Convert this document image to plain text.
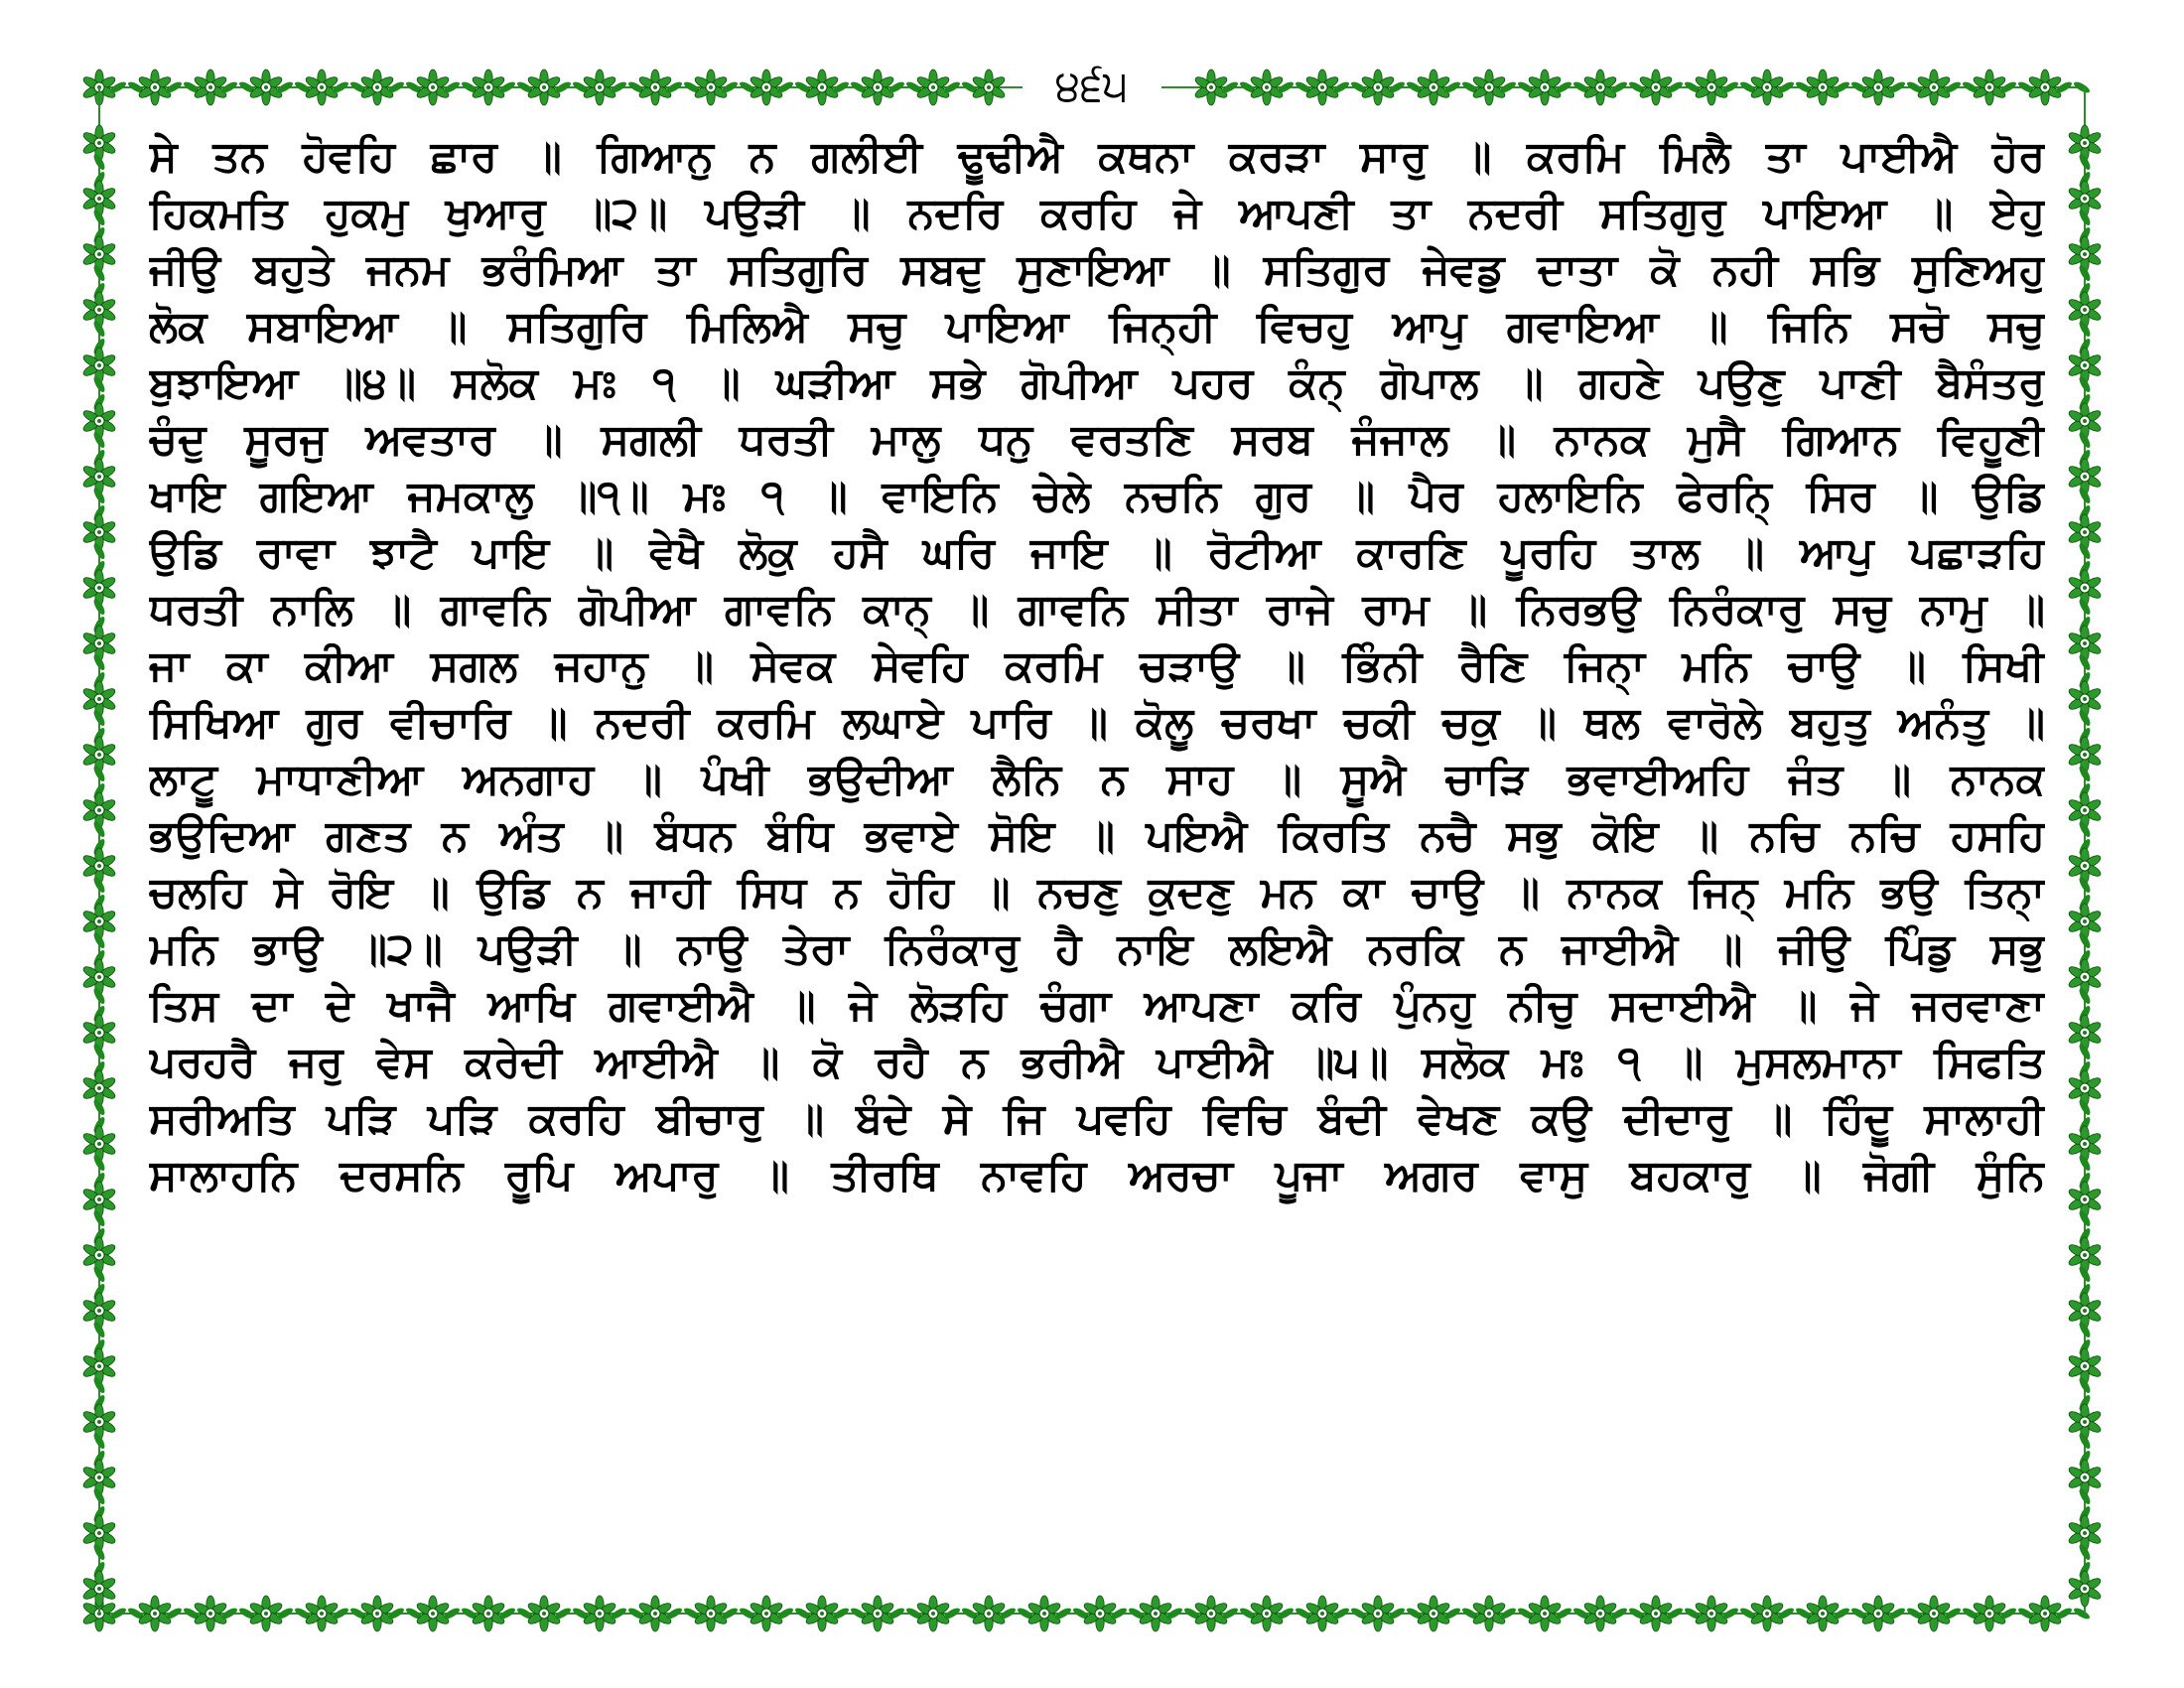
੪੬੫
ਸੇ ਤਨ ਹੋਵਹਿ ਛਾਰ ॥ ਗਿਆਨੁ ਨ ਗਲੀਈ ਢੂਢੀਐ ਕਥਨਾ ਕਰੜਾ ਸਾਰੁ ॥ ਕਰਮਿ ਮਿਲੈ ਤਾ ਪਾਈਐ ਹੋਰ
ਹਿਕਮਤਿ ਹੁਕਮੁ ਖੁਆਰੁ ॥੨॥ ਪਉੜੀ ॥ ਨਦਰਿ ਕਰਹਿ ਜੇ ਆਪਣੀ ਤਾ ਨਦਰੀ ਸਤਿਗੁਰੁ ਪਾਇਆ ॥ ਏਹੁ
ਜੀਉ ਬਹੁਤੇ ਜਨਮ ਭਰੰਮਿਆ ਤਾ ਸਤਿਗੁਰਿ ਸਬਦੁ ਸੁਣਾਇਆ ॥ ਸਤਿਗੁਰ ਜੇਵਡੁ ਦਾਤਾ ਕੋ ਨਹੀ ਸਭਿ ਸੁਣਿਅਹੁ
ਲੋਕ ਸਬਾਇਆ ॥ ਸਤਿਗੁਰਿ ਮਿਲਿਐ ਸਚੁ ਪਾਇਆ ਜਿਨ੍ਹੀ ਵਿਚਹੁ ਆਪੁ ਗਵਾਇਆ ॥ ਜਿਨਿ ਸਚੋ ਸਚੁ
ਬੁਝਾਇਆ ॥੪॥ ਸਲੋਕ ਮਃ ੧ ॥ ਘੜੀਆ ਸਭੇ ਗੋਪੀਆ ਪਹਰ ਕੰਨ੍ ਗੋਪਾਲ ॥ ਗਹਣੇ ਪਉਣੁ ਪਾਣੀ ਬੈਸੰਤਰੁ
ਚੰਦੁ ਸੂਰਜੁ ਅਵਤਾਰ ॥ ਸਗਲੀ ਧਰਤੀ ਮਾਲੁ ਧਨੁ ਵਰਤਣਿ ਸਰਬ ਜੰਜਾਲ ॥ ਨਾਨਕ ਮੁਸੈ ਗਿਆਨ ਵਿਹੂਣੀ
ਖਾਇ ਗਇਆ ਜਮਕਾਲੁ ॥੧॥ ਮਃ ੧ ॥ ਵਾਇਨਿ ਚੇਲੇ ਨਚਨਿ ਗੁਰ ॥ ਪੈਰ ਹਲਾਇਨਿ ਫੇਰਨਿ੍ ਸਿਰ ॥ ਉਡਿ
ਉਡਿ ਰਾਵਾ ਝਾਟੈ ਪਾਇ ॥ ਵੇਖੈ ਲੋਕੁ ਹਸੈ ਘਰਿ ਜਾਇ ॥ ਰੋਟੀਆ ਕਾਰਣਿ ਪੂਰਹਿ ਤਾਲ ॥ ਆਪੁ ਪਛਾੜਹਿ
ਧਰਤੀ ਨਾਲਿ ॥ ਗਾਵਨਿ ਗੋਪੀਆ ਗਾਵਨਿ ਕਾਨ੍ ॥ ਗਾਵਨਿ ਸੀਤਾ ਰਾਜੇ ਰਾਮ ॥ ਨਿਰਭਉ ਨਿਰੰਕਾਰੁ ਸਚੁ ਨਾਮੁ ॥
ਜਾ ਕਾ ਕੀਆ ਸਗਲ ਜਹਾਨੁ ॥ ਸੇਵਕ ਸੇਵਹਿ ਕਰਮਿ ਚੜਾਉ ॥ ਭਿੰਨੀ ਰੈਣਿ ਜਿਨਾ੍ ਮਨਿ ਚਾਉ ॥ ਸਿਖੀ
ਸਿਖਿਆ ਗੁਰ ਵੀਚਾਰਿ ॥ ਨਦਰੀ ਕਰਮਿ ਲਘਾਏ ਪਾਰਿ ॥ ਕੋਲੂ ਚਰਖਾ ਚਕੀ ਚਕੁ ॥ ਥਲ ਵਾਰੋਲੇ ਬਹੁਤੁ ਅਨੰਤੁ ॥
ਲਾਟੂ ਮਾਧਾਣੀਆ ਅਨਗਾਹ ॥ ਪੰਖੀ ਭਉਦੀਆ ਲੈਨਿ ਨ ਸਾਹ ॥ ਸੂਐ ਚਾੜਿ ਭਵਾਈਅਹਿ ਜੰਤ ॥ ਨਾਨਕ
ਭਉਦਿਆ ਗਣਤ ਨ ਅੰਤ ॥ ਬੰਧਨ ਬੰਧਿ ਭਵਾਏ ਸੋਇ ॥ ਪਇਐ ਕਿਰਤਿ ਨਚੈ ਸਭੁ ਕੋਇ ॥ ਨਚਿ ਨਚਿ ਹਸਹਿ
ਚਲਹਿ ਸੇ ਰੋਇ ॥ ਉਡਿ ਨ ਜਾਹੀ ਸਿਧ ਨ ਹੋਹਿ ॥ ਨਚਣੁ ਕੁਦਣੁ ਮਨ ਕਾ ਚਾਉ ॥ ਨਾਨਕ ਜਿਨ੍ ਮਨਿ ਭਉ ਤਿਨਾ੍
ਮਨਿ ਭਾਉ ॥੨॥ ਪਉੜੀ ॥ ਨਾਉ ਤੇਰਾ ਨਿਰੰਕਾਰੁ ਹੈ ਨਾਇ ਲਇਐ ਨਰਕਿ ਨ ਜਾਈਐ ॥ ਜੀਉ ਪਿੰਡੁ ਸਭੁ
ਤਿਸ ਦਾ ਦੇ ਖਾਜੈ ਆਖਿ ਗਵਾਈਐ ॥ ਜੇ ਲੋੜਹਿ ਚੰਗਾ ਆਪਣਾ ਕਰਿ ਪੁੰਨਹੁ ਨੀਚੁ ਸਦਾਈਐ ॥ ਜੇ ਜਰਵਾਣਾ
ਪਰਹਰੈ ਜਰੁ ਵੇਸ ਕਰੇਦੀ ਆਈਐ ॥ ਕੋ ਰਹੈ ਨ ਭਰੀਐ ਪਾਈਐ ॥੫॥ ਸਲੋਕ ਮਃ ੧ ॥ ਮੁਸਲਮਾਨਾ ਸਿਫਤਿ
ਸਰੀਅਤਿ ਪੜਿ ਪੜਿ ਕਰਹਿ ਬੀਚਾਰੁ ॥ ਬੰਦੇ ਸੇ ਜਿ ਪਵਹਿ ਵਿਚਿ ਬੰਦੀ ਵੇਖਣ ਕਉ ਦੀਦਾਰੁ ॥ ਹਿੰਦੂ ਸਾਲਾਹੀ
ਸਾਲਾਹਨਿ ਦਰਸਨਿ ਰੂਪਿ ਅਪਾਰੁ ॥ ਤੀਰਥਿ ਨਾਵਹਿ ਅਰਚਾ ਪੂਜਾ ਅਗਰ ਵਾਸੁ ਬਹਕਾਰੁ ॥ ਜੋਗੀ ਸੁੰਨਿ
